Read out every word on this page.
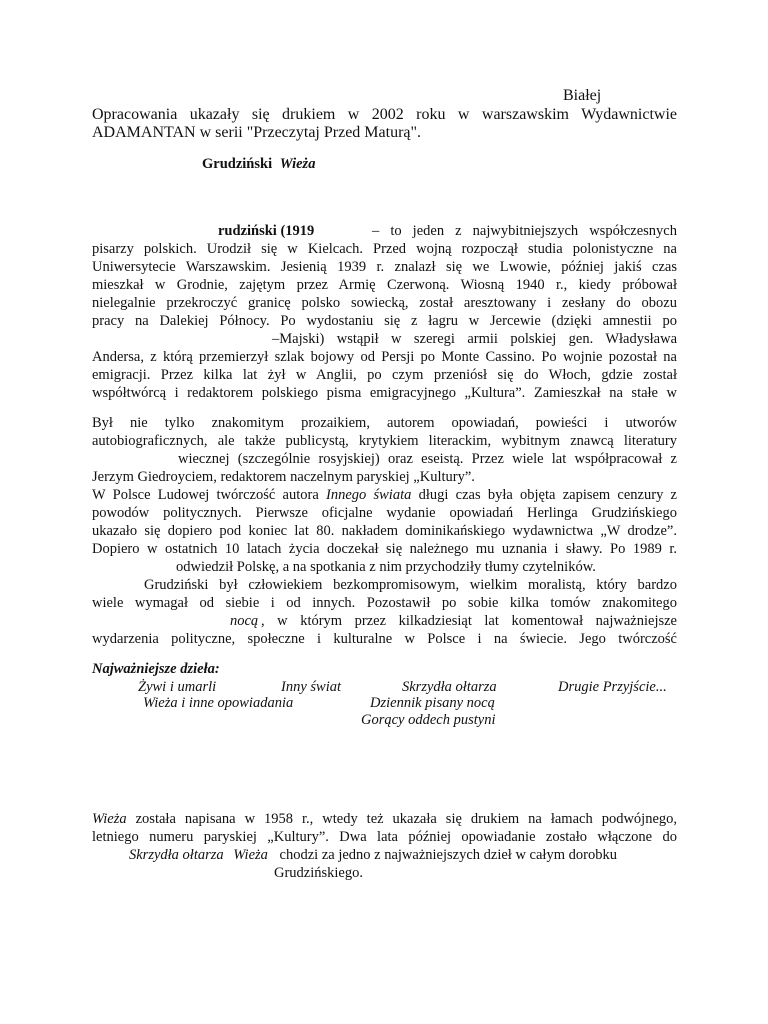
Białej
Opracowania ukazały się drukiem w 2002 roku w warszawskim Wydawnictwie
ADAMANTAN w serii "Przeczytaj Przed Maturą".
Grudziński Wieża
rudziński (1919	– to jeden z najwybitniejszych współczesnych
pisarzy polskich. Urodził się w Kielcach. Przed wojną rozpoczął studia polonistyczne na
Uniwersytecie Warszawskim. Jesienią 1939 r. znalazł się we Lwowie, później jakiś czas
mieszkał w Grodnie, zajętym przez Armię Czerwoną. Wiosną 1940 r., kiedy próbował
nielegalnie przekroczyć granicę polsko sowiecką, został aresztowany i zesłany do obozu
pracy na Dalekiej Północy. Po wydostaniu się z łagru w Jercewie (dzięki amnestii po
–Majski) wstąpił w szeregi armii polskiej gen. Władysława
Andersa, z którą przemierzył szlak bojowy od Persji po Monte Cassino. Po wojnie pozostał na
emigracji. Przez kilka lat żył w Anglii, po czym przeniósł się do Włoch, gdzie został
współtwórcą i redaktorem polskiego pisma emigracyjnego „Kultura”. Zamieszkał na stałe w
Był nie tylko znakomitym prozaikiem, autorem opowiadań, powieści i utworów
autobiograficznych, ale także publicystą, krytykiem literackim, wybitnym znawcą literatury
wiecznej (szczególnie rosyjskiej) oraz eseistą. Przez wiele lat współpracował z
Jerzym Giedroyciem, redaktorem naczelnym paryskiej „Kultury”.
W Polsce Ludowej twórczość autora Innego świata długi czas była objęta zapisem cenzury z
powodów politycznych. Pierwsze oficjalne wydanie opowiadań Herlinga Grudzińskiego
ukazało się dopiero pod koniec lat 80. nakładem dominikańskiego wydawnictwa „W drodze”.
Dopiero w ostatnich 10 latach życia doczekał się należnego mu uznania i sławy. Po 1989 r.
odwiedził Polskę, a na spotkania z nim przychodziły tłumy czytelników.
Grudziński był człowiekiem bezkompromisowym, wielkim moralistą, który bardzo
wiele wymagał od siebie i od innych. Pozostawił po sobie kilka tomów znakomitego
nocą , w którym przez kilkadziesiąt lat komentował najważniejsze
wydarzenia polityczne, społeczne i kulturalne w Polsce i na świecie. Jego twórczość
Najważniejsze dzieła:
Żywi i umarli	Inny świat	Skrzydła ołtarza	Drugie Przyjście...
Wieża i inne opowiadania	Dziennik pisany nocą
Gorący oddech pustyni
Wieża została napisana w 1958 r., wtedy też ukazała się drukiem na łamach podwójnego,
letniego numeru paryskiej „Kultury”. Dwa lata później opowiadanie zostało włączone do
Skrzydła ołtarza Wieża chodzi za jedno z najważniejszych dzieł w całym dorobku
Grudzińskiego.
